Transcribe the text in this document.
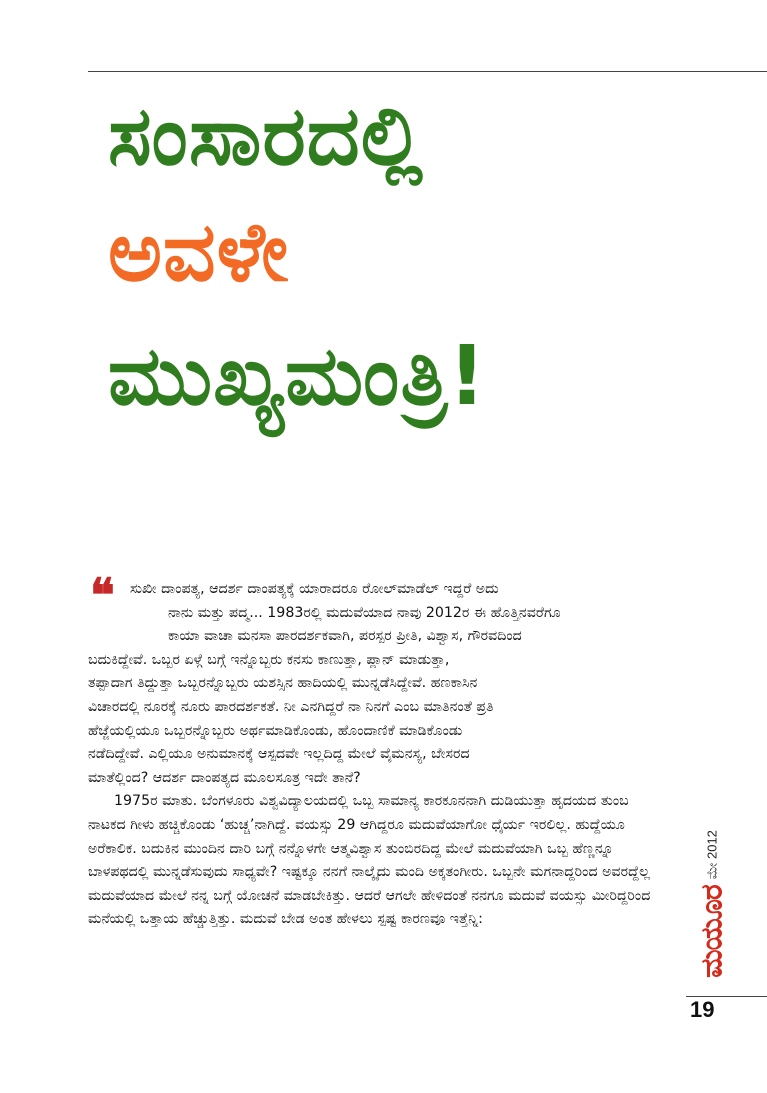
ಸಂಸಾರದಲ್ಲಿ
ಅವಳೇ
ಮುಖ್ಯಮಂತ್ರಿ!

❝	ಸುಖೀ ದಾಂಪತ್ಯ, ಆದರ್ಶ ದಾಂಪತ್ಯಕ್ಕೆ ಯಾರಾದರೂ ರೋಲ್‌ಮಾಡೆಲ್ ಇದ್ದರೆ ಅದು
ನಾನು ಮತ್ತು ಪದ್ಮ... 1983ರಲ್ಲಿ ಮದುವೆಯಾದ ನಾವು 2012ರ ಈ ಹೊತ್ತಿನವರೆಗೂ
ಕಾಯಾ ವಾಚಾ ಮನಸಾ ಪಾರದರ್ಶಕವಾಗಿ, ಪರಸ್ಪರ ಪ್ರೀತಿ, ವಿಶ್ವಾಸ, ಗೌರವದಿಂದ
ಬದುಕಿದ್ದೇವೆ. ಒಬ್ಬರ ಏಳ್ಗೆ ಬಗ್ಗೆ ಇನ್ನೊಬ್ಬರು ಕನಸು ಕಾಣುತ್ತಾ, ಪ್ಲಾನ್ ಮಾಡುತ್ತಾ,
ತಪ್ಪಾದಾಗ ತಿದ್ದುತ್ತಾ ಒಬ್ಬರನ್ನೊಬ್ಬರು ಯಶಸ್ಸಿನ ಹಾದಿಯಲ್ಲಿ ಮುನ್ನಡೆಸಿದ್ದೇವೆ. ಹಣಕಾಸಿನ
ವಿಚಾರದಲ್ಲಿ ನೂರಕ್ಕೆ ನೂರು ಪಾರದರ್ಶಕತೆ. ನೀ ಎನಗಿದ್ದರೆ ನಾ ನಿನಗೆ ಎಂಬ ಮಾತಿನಂತೆ ಪ್ರತಿ
ಹೆಜ್ಜೆಯಲ್ಲಿಯೂ ಒಬ್ಬರನ್ನೊಬ್ಬರು ಅರ್ಥಮಾಡಿಕೊಂಡು, ಹೊಂದಾಣಿಕೆ ಮಾಡಿಕೊಂಡು
ನಡೆದಿದ್ದೇವೆ. ಎಲ್ಲಿಯೂ ಅನುಮಾನಕ್ಕೆ ಆಸ್ಪದವೇ ಇಲ್ಲದಿದ್ದ ಮೇಲೆ ವೈಮನಸ್ಯ, ಬೇಸರದ
ಮಾತೆಲ್ಲಿಂದ? ಆದರ್ಶ ದಾಂಪತ್ಯದ ಮೂಲಸೂತ್ರ ಇದೇ ತಾನೆ?

1975ರ ಮಾತು. ಬೆಂಗಳೂರು ವಿಶ್ವವಿದ್ಯಾಲಯದಲ್ಲಿ ಒಬ್ಬ ಸಾಮಾನ್ಯ ಕಾರಕೂನನಾಗಿ ದುಡಿಯುತ್ತಾ ಹೃದಯದ ತುಂಬ ನಾಟಕದ ಗೀಳು ಹಚ್ಚಿಕೊಂಡು ‘ಹುಚ್ಚ’ನಾಗಿದ್ದೆ. ವಯಸ್ಸು 29 ಆಗಿದ್ದರೂ ಮದುವೆಯಾಗೋ ಧೈರ್ಯ ಇರಲಿಲ್ಲ. ಹುದ್ದೆಯೂ ಅರೆಕಾಲಿಕ. ಬದುಕಿನ ಮುಂದಿನ ದಾರಿ ಬಗ್ಗೆ ನನ್ನೊಳಗೇ ಆತ್ಮವಿಶ್ವಾಸ ತುಂಬಿರದಿದ್ದ ಮೇಲೆ ಮದುವೆಯಾಗಿ ಒಬ್ಬ ಹೆಣ್ಣನ್ನೂ ಬಾಳಪಥದಲ್ಲಿ ಮುನ್ನಡೆಸುವುದು ಸಾಧ್ಯವೇ? ಇಷ್ಟಕ್ಕೂ ನನಗೆ ನಾಲ್ಕೈದು ಮಂದಿ ಅಕ್ಕತಂಗೀರು. ಒಬ್ಬನೇ ಮಗನಾದ್ದರಿಂದ ಅವರದ್ದೆಲ್ಲ ಮದುವೆಯಾದ ಮೇಲೆ ನನ್ನ ಬಗ್ಗೆ ಯೋಚನೆ ಮಾಡಬೇಕಿತ್ತು. ಆದರೆ ಆಗಲೇ ಹೇಳಿದಂತೆ ನನಗೂ ಮದುವೆ ವಯಸ್ಸು ಮೀರಿದ್ದರಿಂದ ಮನೆಯಲ್ಲಿ ಒತ್ತಾಯ ಹೆಚ್ಚುತ್ತಿತ್ತು. ಮದುವೆ ಬೇಡ ಅಂತ ಹೇಳಲು ಸ್ಪಷ್ಟ ಕಾರಣವೂ ಇತ್ತೆನ್ನಿ:	ಮಯೂರ
ಮೇ 2012
19
